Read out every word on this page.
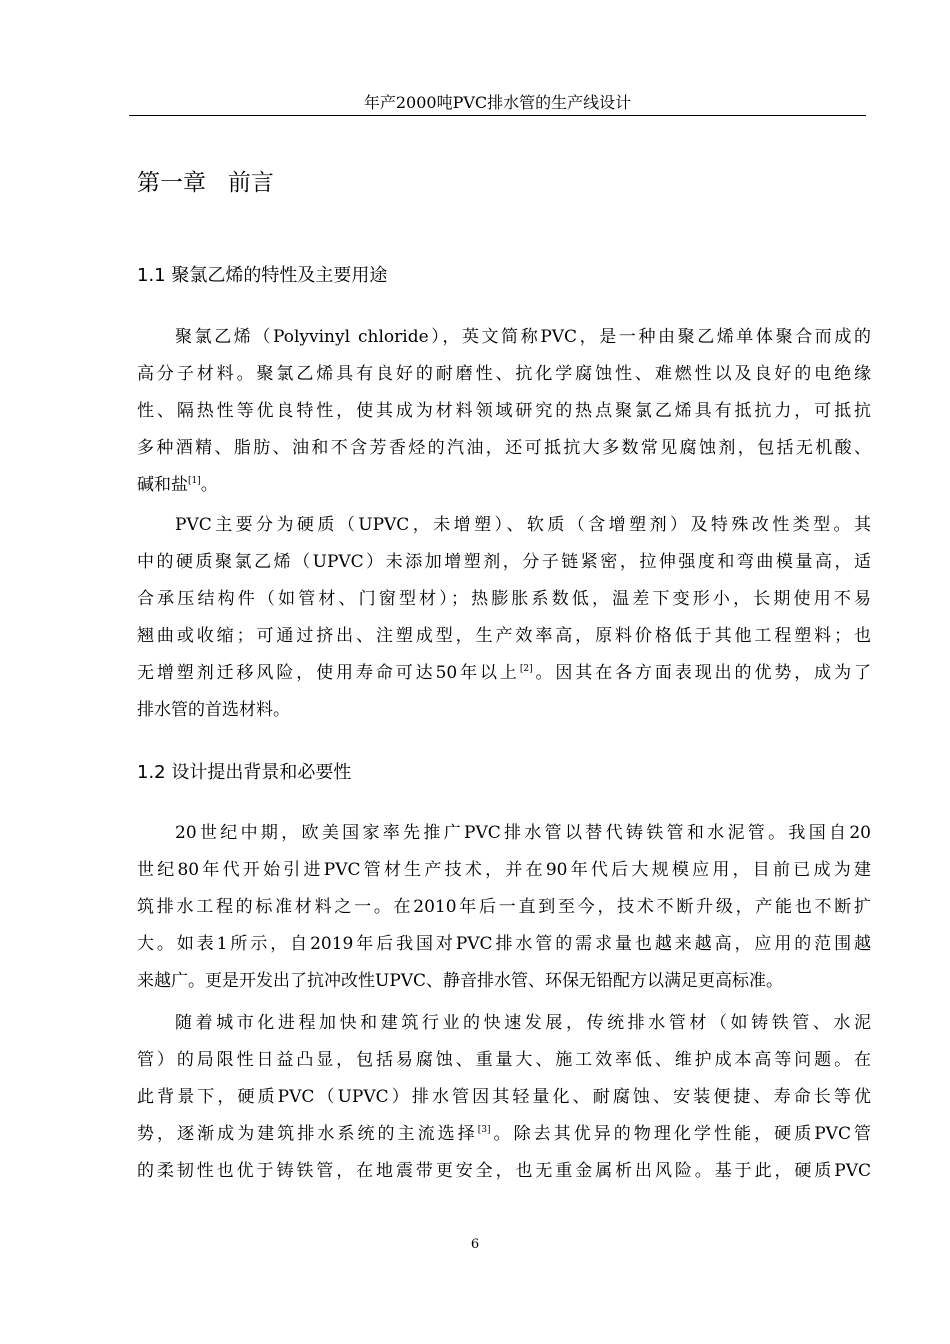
年产2000吨PVC排水管的生产线设计
第一章   前言
1.1 聚氯乙烯的特性及主要用途
聚氯乙烯（Polyvinyl chloride），英文简称PVC，是一种由聚乙烯单体聚合而成的
高分子材料。聚氯乙烯具有良好的耐磨性、抗化学腐蚀性、难燃性以及良好的电绝缘
性、隔热性等优良特性，使其成为材料领域研究的热点聚氯乙烯具有抵抗力，可抵抗
多种酒精、脂肪、油和不含芳香烃的汽油，还可抵抗大多数常见腐蚀剂，包括无机酸、
碱和盐[1]。
PVC主要分为硬质（UPVC，未增塑）、软质（含增塑剂）及特殊改性类型。其
中的硬质聚氯乙烯（UPVC）未添加增塑剂，分子链紧密，拉伸强度和弯曲模量高，适
合承压结构件（如管材、门窗型材）；热膨胀系数低，温差下变形小，长期使用不易
翘曲或收缩；可通过挤出、注塑成型，生产效率高，原料价格低于其他工程塑料；也
无增塑剂迁移风险，使用寿命可达50年以上[2]。因其在各方面表现出的优势，成为了
排水管的首选材料。
1.2 设计提出背景和必要性
20世纪中期，欧美国家率先推广PVC排水管以替代铸铁管和水泥管。我国自20
世纪80年代开始引进PVC管材生产技术，并在90年代后大规模应用，目前已成为建
筑排水工程的标准材料之一。在2010年后一直到至今，技术不断升级，产能也不断扩
大。如表1所示，自2019年后我国对PVC排水管的需求量也越来越高，应用的范围越
来越广。更是开发出了抗冲改性UPVC、静音排水管、环保无铅配方以满足更高标准。
随着城市化进程加快和建筑行业的快速发展，传统排水管材（如铸铁管、水泥
管）的局限性日益凸显，包括易腐蚀、重量大、施工效率低、维护成本高等问题。在
此背景下，硬质PVC（UPVC）排水管因其轻量化、耐腐蚀、安装便捷、寿命长等优
势，逐渐成为建筑排水系统的主流选择[3]。除去其优异的物理化学性能，硬质PVC管
的柔韧性也优于铸铁管，在地震带更安全，也无重金属析出风险。基于此，硬质PVC
6
